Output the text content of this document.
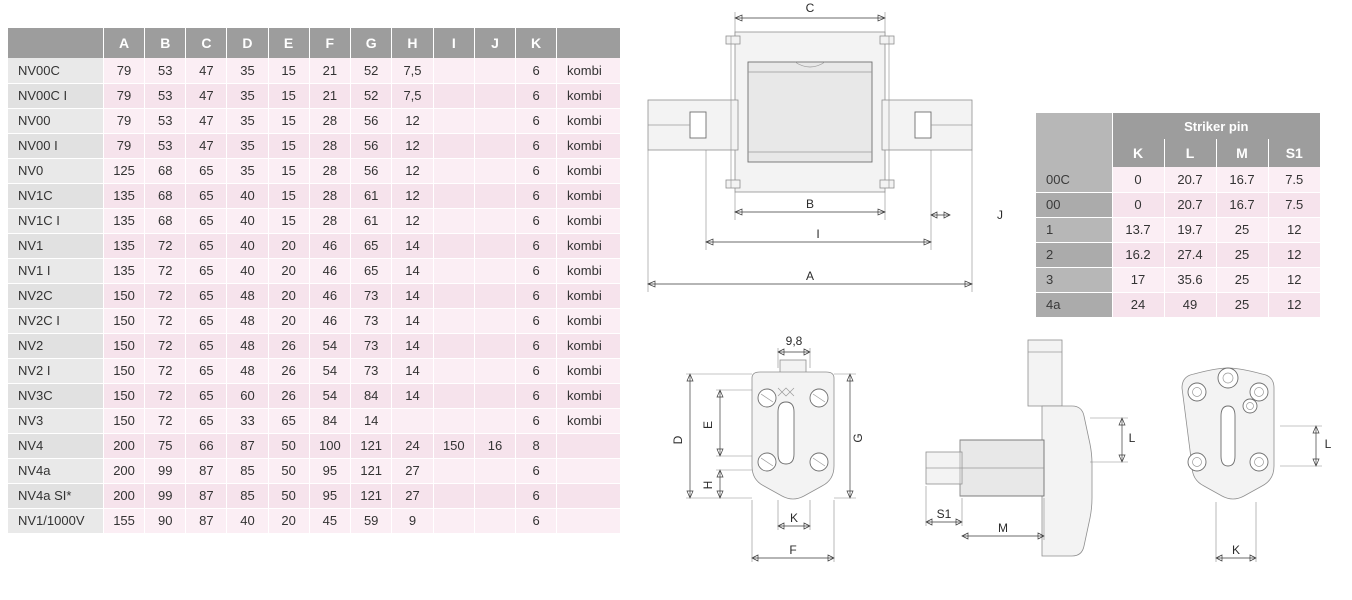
	A	B	C	D	E	F	G	H	I	J	K	
NV00C	79	53	47	35	15	21	52	7,5			6	kombi
NV00C I	79	53	47	35	15	21	52	7,5			6	kombi
NV00	79	53	47	35	15	28	56	12			6	kombi
NV00 I	79	53	47	35	15	28	56	12			6	kombi
NV0	125	68	65	35	15	28	56	12			6	kombi
NV1C	135	68	65	40	15	28	61	12			6	kombi
NV1C I	135	68	65	40	15	28	61	12			6	kombi
NV1	135	72	65	40	20	46	65	14			6	kombi
NV1 I	135	72	65	40	20	46	65	14			6	kombi
NV2C	150	72	65	48	20	46	73	14			6	kombi
NV2C I	150	72	65	48	20	46	73	14			6	kombi
NV2	150	72	65	48	26	54	73	14			6	kombi
NV2 I	150	72	65	48	26	54	73	14			6	kombi
NV3C	150	72	65	60	26	54	84	14			6	kombi
NV3	150	72	65	33	65	84	14				6	kombi
NV4	200	75	66	87	50	100	121	24	150	16	8	
NV4a	200	99	87	85	50	95	121	27			6	
NV4a SI*	200	99	87	85	50	95	121	27			6	
NV1/1000V	155	90	87	40	20	45	59	9			6	
	Striker pin			
	K	L	M	S1
00C	0	20.7	16.7	7.5
00	0	20.7	16.7	7.5
1	13.7	19.7	25	12
2	16.2	27.4	25	12
3	17	35.6	25	12
4a	24	49	25	12
C
B
I
A
J
9,8
D
E
H
G
K
F
S1
M
L	L
K
